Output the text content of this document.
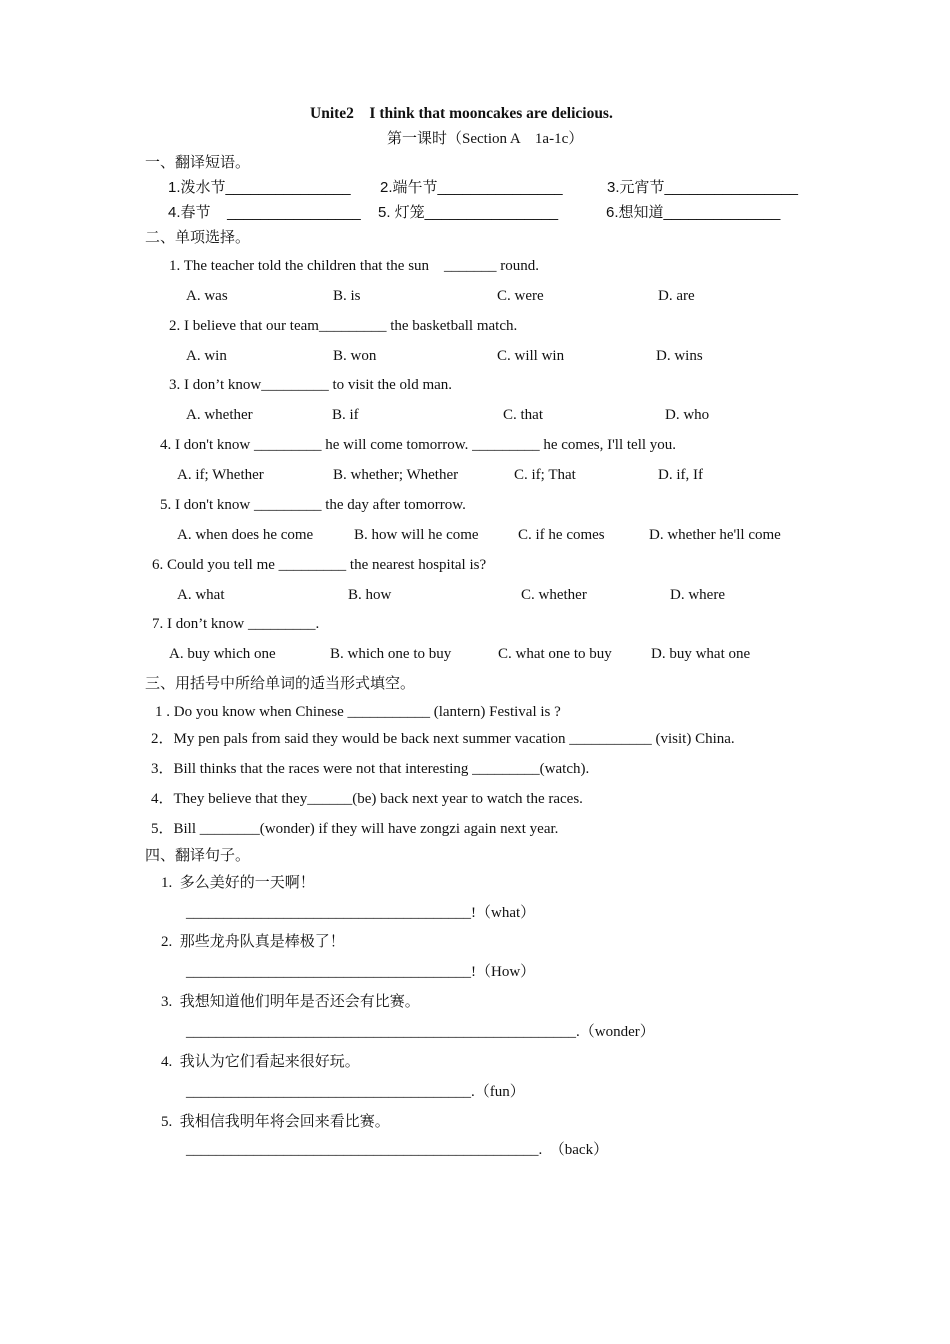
Unite2    I think that mooncakes are delicious.
第一课时（Section A    1a-1c）
一、翻译短语。
1.泼水节_______________ 2.端午节_______________	3.元宵节________________
4.春节    ________________ 5. 灯笼________________	6.想知道______________
二、单项选择。
1. The teacher told the children that the sun    _______ round.
A. was	B. is	C. were	D. are
2. I believe that our team_________ the basketball match.
A. win	B. won	C. will win	D. wins
3. I don’t know_________ to visit the old man.
A. whether	B. if	C. that	D. who
4. I don't know _________ he will come tomorrow. _________ he comes, I'll tell you.
A. if; Whether	B. whether; Whether	C. if; That	D. if, If
5. I don't know _________ the day after tomorrow.
A. when does he come	B. how will he come	C. if he comes	D. whether he'll come
6. Could you tell me _________ the nearest hospital is?
A. what	B. how	C. whether	D. where
7. I don’t know _________.
A. buy which one	B. which one to buy	C. what one to buy	D. buy what one
三、用括号中所给单词的适当形式填空。
1 . Do you know when Chinese ___________ (lantern) Festival is ?
2．My pen pals from said they would be back next summer vacation ___________ (visit) China.
3．Bill thinks that the races were not that interesting _________(watch).
4．They believe that they______(be) back next year to watch the races.
5．Bill ________(wonder) if they will have zongzi again next year.
四、翻译句子。
1.  多么美好的一天啊！
______________________________________!（what）
2.  那些龙舟队真是棒极了！
______________________________________!（How）
3.  我想知道他们明年是否还会有比赛。
____________________________________________________.（wonder）
4.  我认为它们看起来很好玩。
______________________________________.（fun）
5.  我相信我明年将会回来看比赛。
_______________________________________________.  （back）
